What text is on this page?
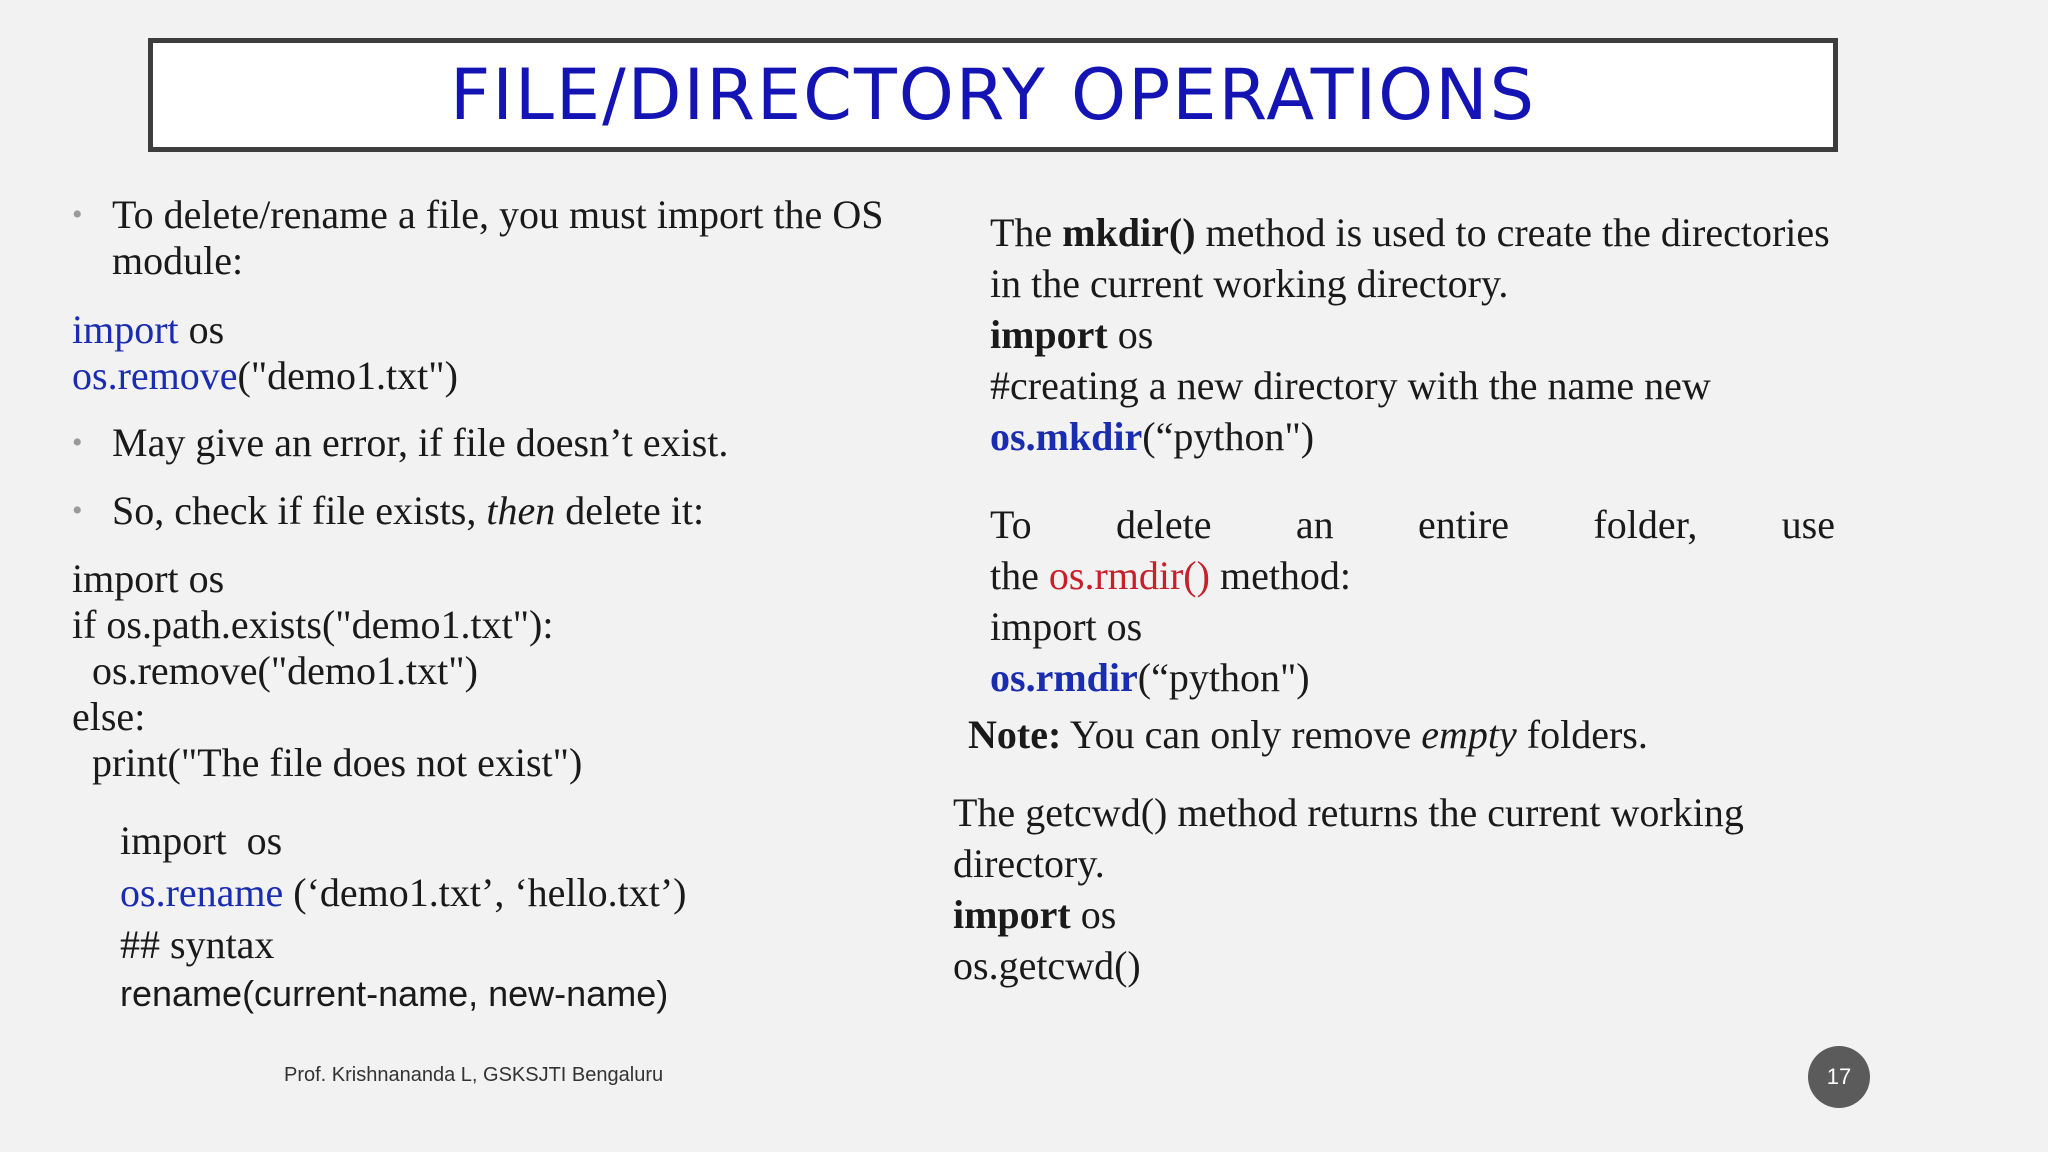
FILE/DIRECTORY OPERATIONS
• To delete/rename a file, you must import the OS
module:
import os
os.remove("demo1.txt")
• May give an error, if file doesn’t exist.
• So, check if file exists, then delete it:
import os
if os.path.exists("demo1.txt"):
os.remove("demo1.txt")
else:
print("The file does not exist")
import  os
os.rename (‘demo1.txt’, ‘hello.txt’)
## syntax
rename(current-name, new-name)
The mkdir() method is used to create the directories
in the current working directory.
import os
#creating a new directory with the name new
os.mkdir(“python")
To delete an entire folder, use
the os.rmdir() method:
import os
os.rmdir(“python")
Note: You can only remove empty folders.
The getcwd() method returns the current working
directory.
import os
os.getcwd()
Prof. Krishnananda L, GSKSJTI Bengaluru	17
